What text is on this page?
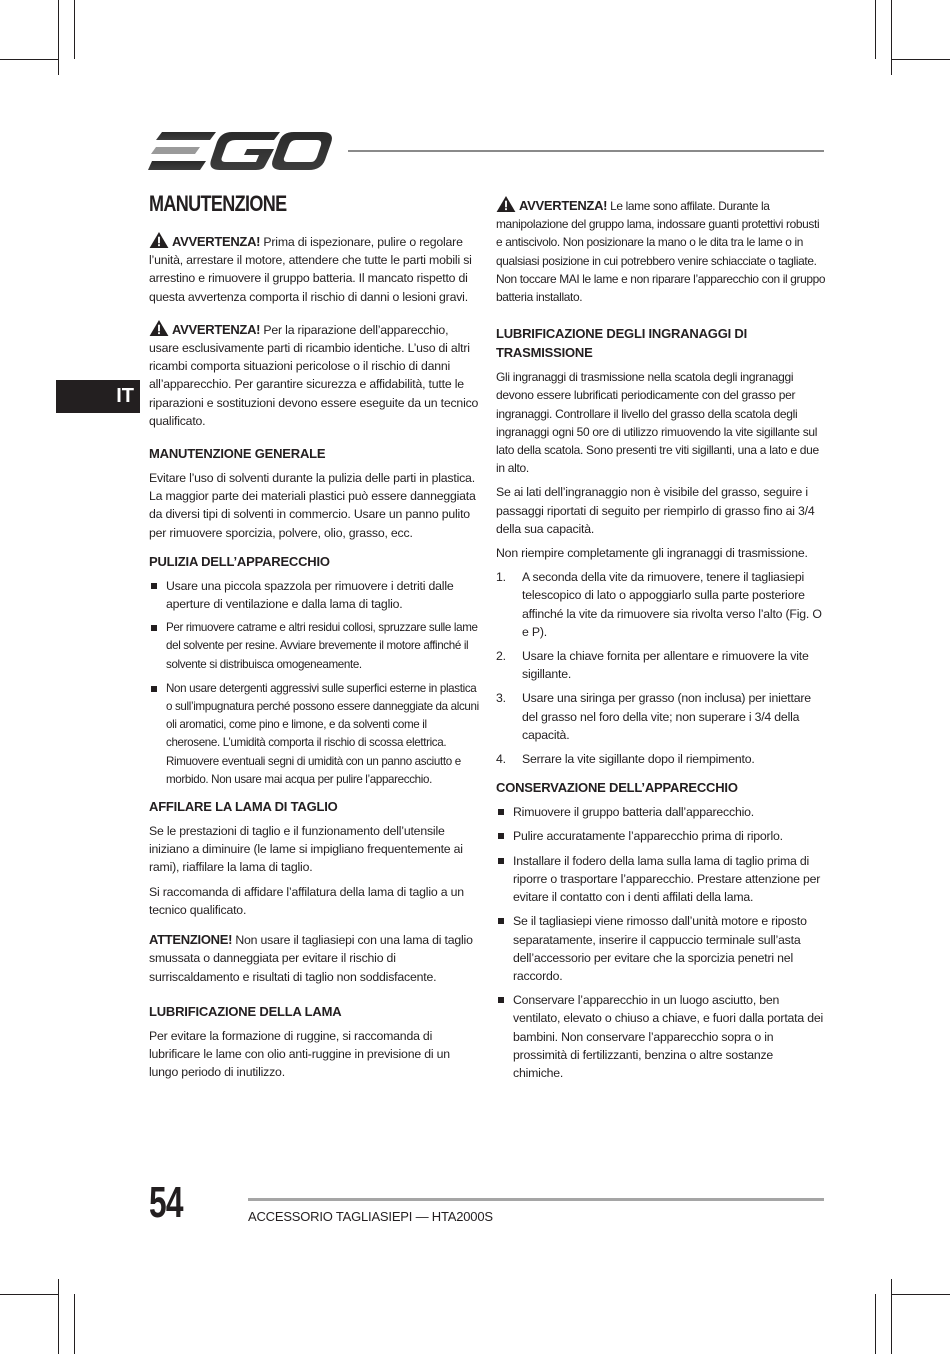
IT
MANUTENZIONE

AVVERTENZA! Prima di ispezionare, pulire o regolare l’unità, arrestare il motore, attendere che tutte le parti mobili si arrestino e rimuovere il gruppo batteria. Il mancato rispetto di questa avvertenza comporta il rischio di danni o lesioni gravi.

AVVERTENZA! Per la riparazione dell’apparecchio, usare esclusivamente parti di ricambio identiche. L’uso di altri ricambi comporta situazioni pericolose o il rischio di danni all’apparecchio. Per garantire sicurezza e affidabilità, tutte le riparazioni e sostituzioni devono essere eseguite da un tecnico qualificato.

MANUTENZIONE GENERALE

Evitare l’uso di solventi durante la pulizia delle parti in plastica. La maggior parte dei materiali plastici può essere danneggiata da diversi tipi di solventi in commercio. Usare un panno pulito per rimuovere sporcizia, polvere, olio, grasso, ecc.

PULIZIA DELL’APPARECCHIO
Usare una piccola spazzola per rimuovere i detriti dalle aperture di ventilazione e dalla lama di taglio.
Per rimuovere catrame e altri residui collosi, spruzzare sulle lame del solvente per resine. Avviare brevemente il motore affinché il solvente si distribuisca omogeneamente.
Non usare detergenti aggressivi sulle superfici esterne in plastica o sull’impugnatura perché possono essere danneggiate da alcuni oli aromatici, come pino e limone, e da solventi come il cherosene. L’umidità comporta il rischio di scossa elettrica. Rimuovere eventuali segni di umidità con un panno asciutto e morbido. Non usare mai acqua per pulire l’apparecchio.
AFFILARE LA LAMA DI TAGLIO

Se le prestazioni di taglio e il funzionamento dell’utensile iniziano a diminuire (le lame si impigliano frequentemente ai rami), riaffilare la lama di taglio.

Si raccomanda di affidare l’affilatura della lama di taglio a un tecnico qualificato.

ATTENZIONE! Non usare il tagliasiepi con una lama di taglio smussata o danneggiata per evitare il rischio di surriscaldamento e risultati di taglio non soddisfacente.

LUBRIFICAZIONE DELLA LAMA

Per evitare la formazione di ruggine, si raccomanda di lubrificare le lame con olio anti-ruggine in previsione di un lungo periodo di inutilizzo.

AVVERTENZA! Le lame sono affilate. Durante la manipolazione del gruppo lama, indossare guanti protettivi robusti e antiscivolo. Non posizionare la mano o le dita tra le lame o in qualsiasi posizione in cui potrebbero venire schiacciate o tagliate. Non toccare MAI le lame e non riparare l’apparecchio con il gruppo batteria installato.

LUBRIFICAZIONE DEGLI INGRANAGGI DI TRASMISSIONE

Gli ingranaggi di trasmissione nella scatola degli ingranaggi devono essere lubrificati periodicamente con del grasso per ingranaggi. Controllare il livello del grasso della scatola degli ingranaggi ogni 50 ore di utilizzo rimuovendo la vite sigillante sul lato della scatola. Sono presenti tre viti sigillanti, una a lato e due in alto.

Se ai lati dell’ingranaggio non è visibile del grasso, seguire i passaggi riportati di seguito per riempirlo di grasso fino ai 3/4 della sua capacità.

Non riempire completamente gli ingranaggi di trasmissione.

1. A seconda della vite da rimuovere, tenere il tagliasiepi telescopico di lato o appoggiarlo sulla parte posteriore affinché la vite da rimuovere sia rivolta verso l’alto (Fig. O e P).
2. Usare la chiave fornita per allentare e rimuovere la vite sigillante.
3. Usare una siringa per grasso (non inclusa) per iniettare del grasso nel foro della vite; non superare i 3/4 della capacità.
4. Serrare la vite sigillante dopo il riempimento.
CONSERVAZIONE DELL’APPARECCHIO
Rimuovere il gruppo batteria dall’apparecchio.
Pulire accuratamente l’apparecchio prima di riporlo.
Installare il fodero della lama sulla lama di taglio prima di riporre o trasportare l’apparecchio. Prestare attenzione per evitare il contatto con i denti affilati della lama.
Se il tagliasiepi viene rimosso dall’unità motore e riposto separatamente, inserire il cappuccio terminale sull’asta dell’accessorio per evitare che la sporcizia penetri nel raccordo.
Conservare l’apparecchio in un luogo asciutto, ben ventilato, elevato o chiuso a chiave, e fuori dalla portata dei bambini. Non conservare l’apparecchio sopra o in prossimità di fertilizzanti, benzina o altre sostanze chimiche.
54	ACCESSORIO TAGLIASIEPI — HTA2000S
